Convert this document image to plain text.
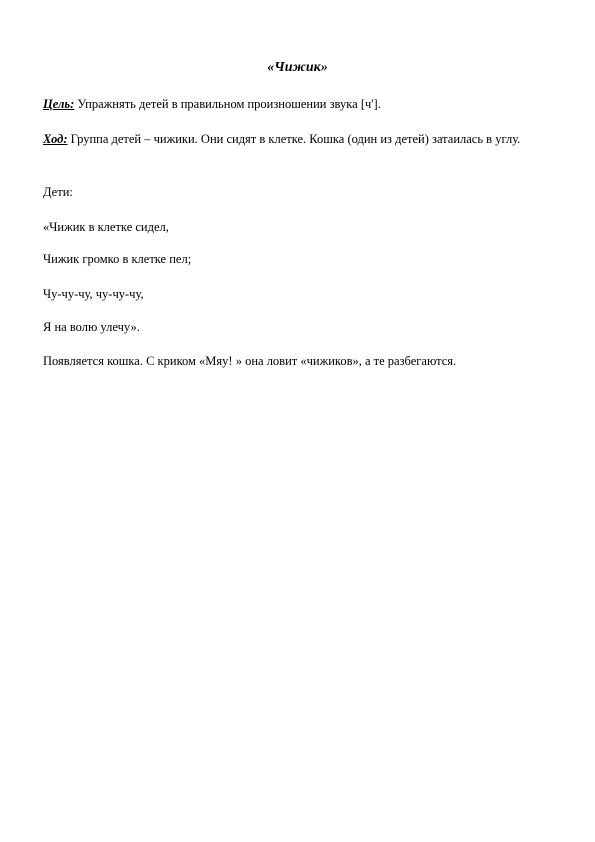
«Чижик»
Цель: Упражнять детей в правильном произношении звука [ч'].
Ход: Группа детей – чижики. Они сидят в клетке. Кошка (один из детей) затаилась в углу.
Дети:
«Чижик в клетке сидел,
Чижик громко в клетке пел;
Чу-чу-чу, чу-чу-чу,
Я на волю улечу».
Появляется кошка. С криком «Мяу! » она ловит «чижиков», а те разбегаются.
